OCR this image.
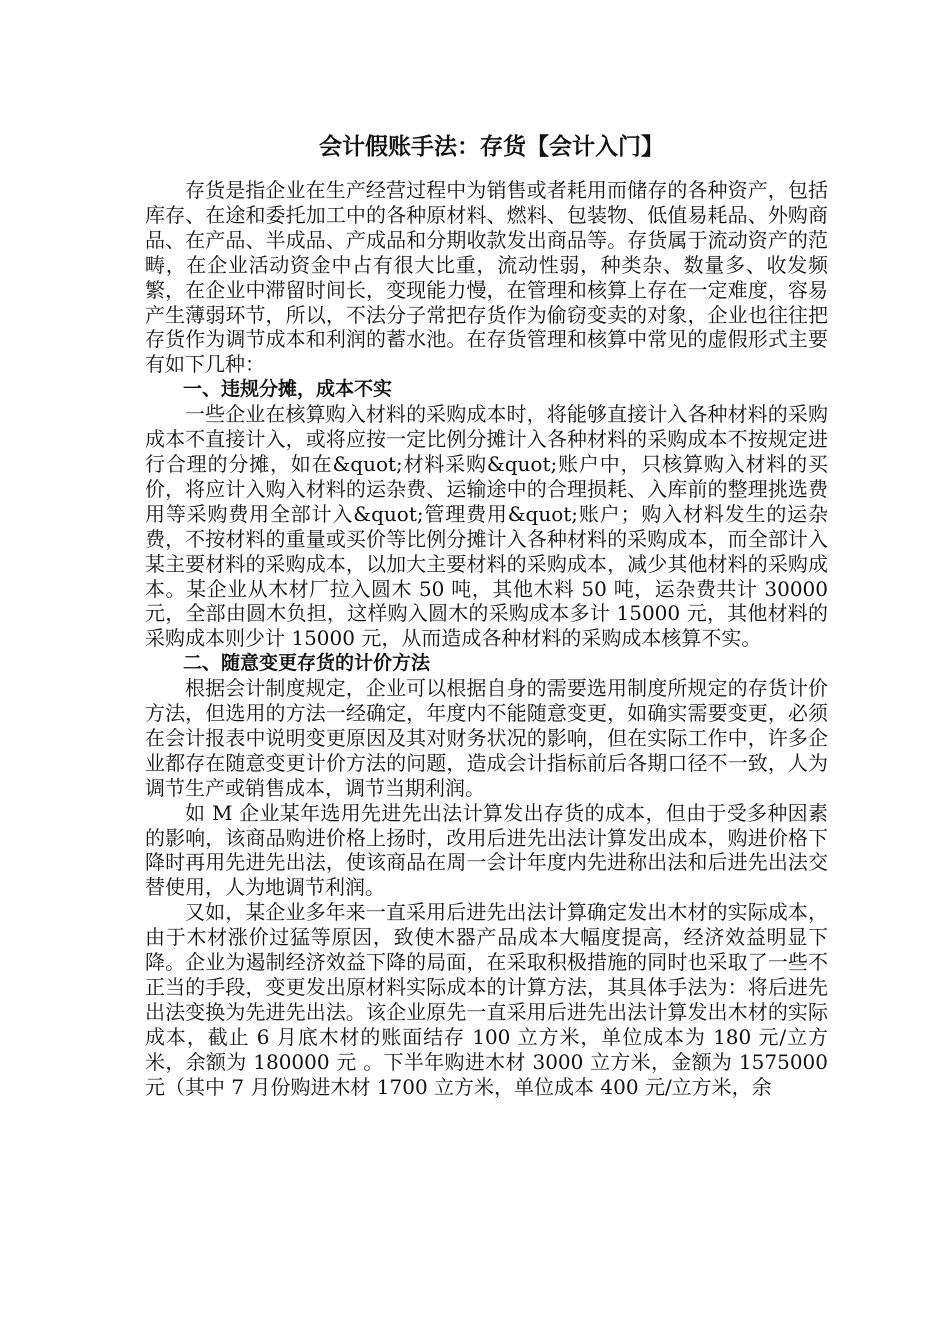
会计假账手法：存货【会计入门】

存货是指企业在生产经营过程中为销售或者耗用而储存的各种资产，包括库存、在途和委托加工中的各种原材料、燃料、包装物、低值易耗品、外购商品、在产品、半成品、产成品和分期收款发出商品等。存货属于流动资产的范畴，在企业活动资金中占有很大比重，流动性弱，种类杂、数量多、收发频繁，在企业中滞留时间长，变现能力慢，在管理和核算上存在一定难度，容易产生薄弱环节，所以，不法分子常把存货作为偷窃变卖的对象，企业也往往把存货作为调节成本和利润的蓄水池。在存货管理和核算中常见的虚假形式主要有如下几种：

一、违规分摊，成本不实

一些企业在核算购入材料的采购成本时，将能够直接计入各种材料的采购成本不直接计入，或将应按一定比例分摊计入各种材料的采购成本不按规定进行合理的分摊，如在&quot;材料采购&quot;账户中，只核算购入材料的买价，将应计入购入材料的运杂费、运输途中的合理损耗、入库前的整理挑选费用等采购费用全部计入&quot;管理费用&quot;账户；购入材料发生的运杂费，不按材料的重量或买价等比例分摊计入各种材料的采购成本，而全部计入某主要材料的采购成本，以加大主要材料的采购成本，减少其他材料的采购成本。某企业从木材厂拉入圆木 50 吨，其他木料 50 吨，运杂费共计 30000 元，全部由圆木负担，这样购入圆木的采购成本多计 15000 元，其他材料的采购成本则少计 15000 元，从而造成各种材料的采购成本核算不实。

二、随意变更存货的计价方法

根据会计制度规定，企业可以根据自身的需要选用制度所规定的存货计价方法，但选用的方法一经确定，年度内不能随意变更，如确实需要变更，必须在会计报表中说明变更原因及其对财务状况的影响，但在实际工作中，许多企业都存在随意变更计价方法的问题，造成会计指标前后各期口径不一致，人为调节生产或销售成本，调节当期利润。

如 M 企业某年选用先进先出法计算发出存货的成本，但由于受多种因素的影响，该商品购进价格上扬时，改用后进先出法计算发出成本，购进价格下降时再用先进先出法，使该商品在周一会计年度内先进称出法和后进先出法交替使用，人为地调节利润。

又如，某企业多年来一直采用后进先出法计算确定发出木材的实际成本，由于木材涨价过猛等原因，致使木器产品成本大幅度提高，经济效益明显下降。企业为遏制经济效益下降的局面，在采取积极措施的同时也采取了一些不正当的手段，变更发出原材料实际成本的计算方法，其具体手法为：将后进先出法变换为先进先出法。该企业原先一直采用后进先出法计算发出木材的实际成本，截止 6 月底木材的账面结存 100 立方米，单位成本为 180 元/立方米，余额为 180000 元 。下半年购进木材 3000 立方米，金额为 1575000 元（其中 7 月份购进木材 1700 立方米，单位成本 400 元/立方米，余
